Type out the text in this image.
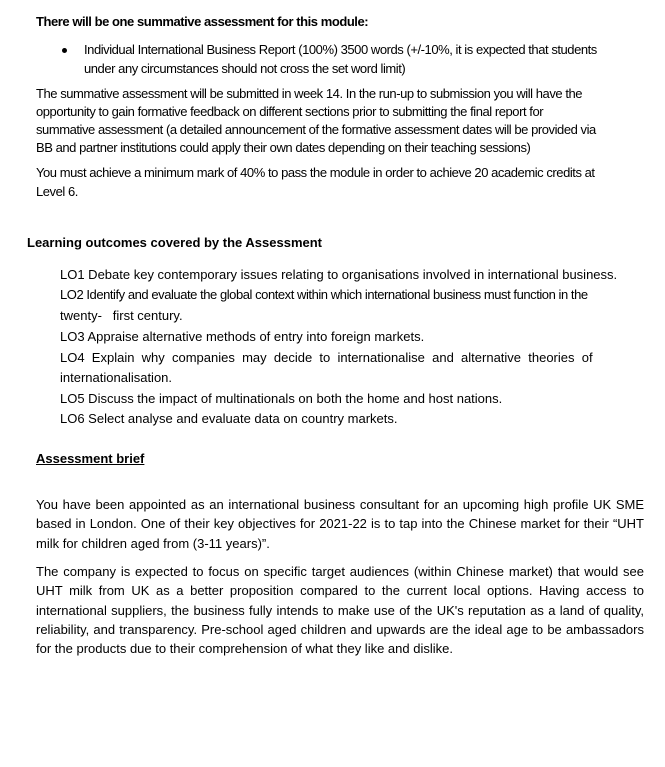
There will be one summative assessment for this module:
Individual International Business Report (100%) 3500 words (+/-10%, it is expected that students
under any circumstances should not cross the set word limit)
The summative assessment will be submitted in week 14. In the run-up to submission you will have the
opportunity to gain formative feedback on different sections prior to submitting the final report for
summative assessment (a detailed announcement of the formative assessment dates will be provided via
BB and partner institutions could apply their own dates depending on their teaching sessions)
You must achieve a minimum mark of 40% to pass the module in order to achieve 20 academic credits at
Level 6.
Learning outcomes covered by the Assessment
LO1 Debate key contemporary issues relating to organisations involved in international business.
LO2 Identify and evaluate the global context within which international business must function in the
twenty-   first century.
LO3 Appraise alternative methods of entry into foreign markets.
LO4  Explain  why  companies  may  decide  to  internationalise  and  alternative  theories  of
internationalisation.
LO5 Discuss the impact of multinationals on both the home and host nations.
LO6 Select analyse and evaluate data on country markets.
Assessment brief

You have been appointed as an international business consultant for an upcoming high profile UK SME based in London. One of their key objectives for 2021-22 is to tap into the Chinese market for their “UHT milk for children aged from (3-11 years)”.

The company is expected to focus on specific target audiences (within Chinese market) that would see UHT milk from UK as a better proposition compared to the current local options. Having access to international suppliers, the business fully intends to make use of the UK's reputation as a land of quality, reliability, and transparency. Pre-school aged children and upwards are the ideal age to be ambassadors for the products due to their comprehension of what they like and dislike.
